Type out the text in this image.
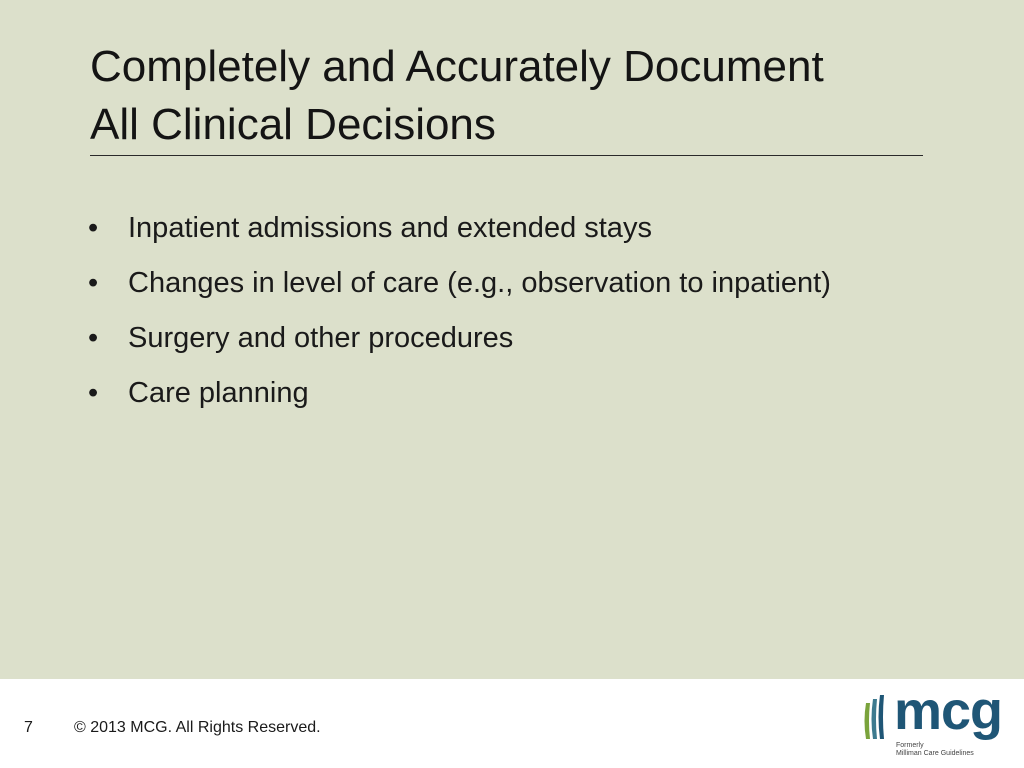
Completely and Accurately Document
All Clinical Decisions
• Inpatient admissions and extended stays
• Changes in level of care (e.g., observation to inpatient)
• Surgery and other procedures
• Care planning
7	© 2013 MCG. All Rights Reserved.	mcg
Formerly
Milliman Care Guidelines
